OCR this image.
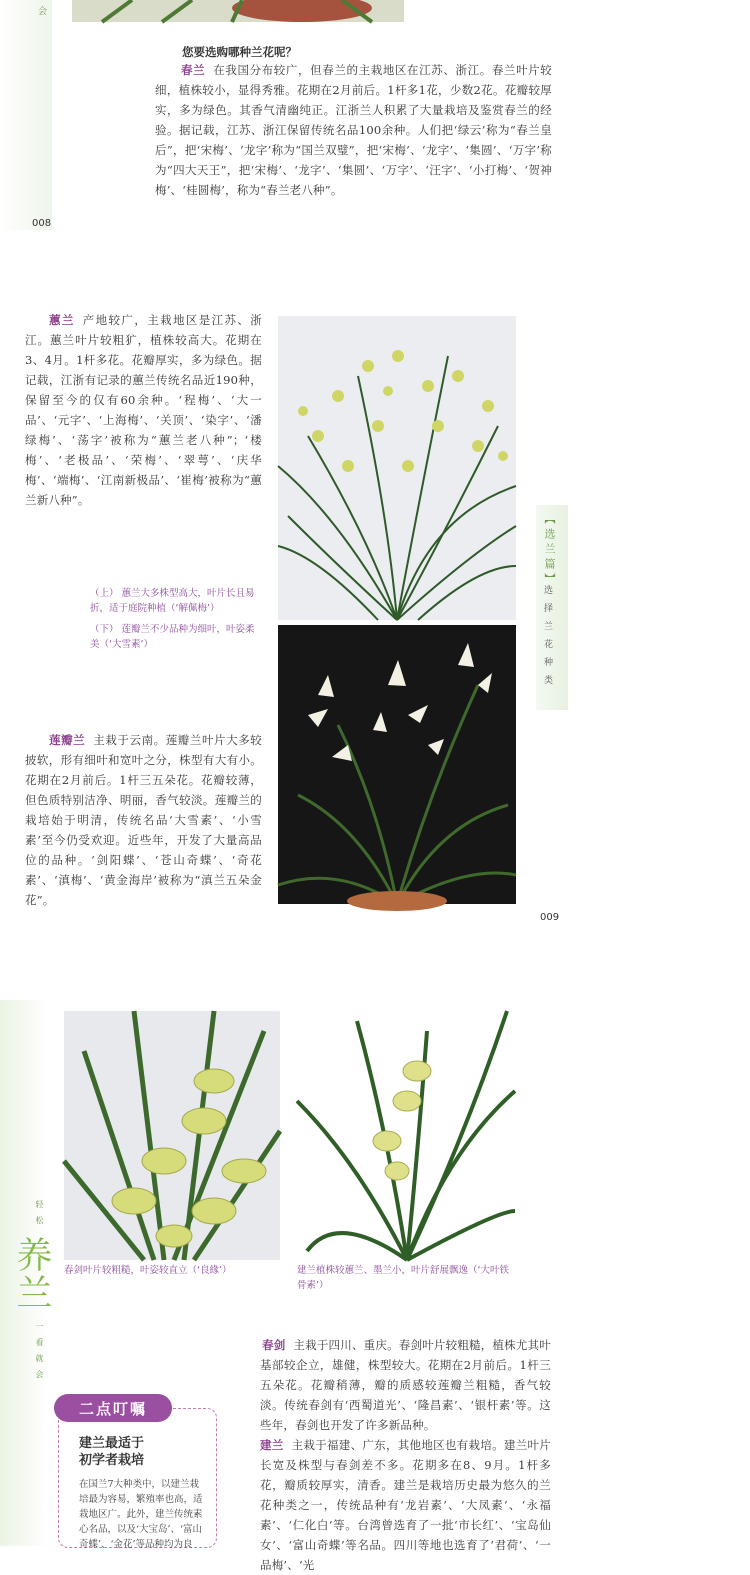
会
您要选购哪种兰花呢？
春兰 在我国分布较广，但春兰的主栽地区在江苏、浙江。春兰叶片较细，植株较小，显得秀雅。花期在2月前后。1杆多1花，少数2花。花瓣较厚实，多为绿色。其香气清幽纯正。江浙兰人积累了大量栽培及鉴赏春兰的经验。据记载，江苏、浙江保留传统名品100余种。人们把‘绿云’称为“春兰皇后”，把‘宋梅’、‘龙字’称为“国兰双璧”，把‘宋梅’、‘龙字’、‘集圆’、‘万字’称为“四大天王”，把‘宋梅’、‘龙字’、‘集圆’、‘万字’、‘汪字’、‘小打梅’、‘贺神梅’、‘桂圆梅’，称为“春兰老八种”。
008
蕙兰 产地较广，主栽地区是江苏、浙江。蕙兰叶片较粗犷，植株较高大。花期在3、4月。1杆多花。花瓣厚实，多为绿色。据记载，江浙有记录的蕙兰传统名品近190种，保留至今的仅有60余种。‘程梅’、‘大一品’、‘元字’、‘上海梅’、‘关顶’、‘染字’、‘潘绿梅’、‘荡字’被称为“蕙兰老八种”；‘楼梅’、‘老极品’、‘荣梅’、‘翠萼’、‘庆华梅’、‘端梅’、‘江南新极品’、‘崔梅’被称为“蕙兰新八种”。
（上） 蕙兰大多株型高大，叶片长且易折，适于庭院种植（‘解佩梅’）
（下） 莲瓣兰不少品种为细叶，叶姿柔美（‘大雪素’）
莲瓣兰 主栽于云南。莲瓣兰叶片大多较披软，形有细叶和宽叶之分，株型有大有小。花期在2月前后。1杆三五朵花。花瓣较薄，但色质特别洁净、明丽，香气较淡。莲瓣兰的栽培始于明清，传统名品‘大雪素’、‘小雪素’至今仍受欢迎。近些年，开发了大量高品位的品种。‘剑阳蝶’、‘苍山奇蝶’、‘奇花素’、‘滇梅’、‘黄金海岸’被称为“滇兰五朵金花”。
【选兰篇】
选择兰花种类
009
轻松
养兰
一看就会
春剑叶片较粗糙，叶姿较直立（‘良緣’）	建兰植株较蕙兰、墨兰小，叶片舒展飘逸（‘大叶铁骨素’）
春剑 主栽于四川、重庆。春剑叶片较粗糙，植株尤其叶基部较企立，雄健，株型较大。花期在2月前后。1杆三五朵花。花瓣稍薄，瓣的质感较莲瓣兰粗糙，香气较淡。传统春剑有‘西蜀道光’、‘隆昌素’、‘银杆素’等。这些年，春剑也开发了许多新品种。
建兰 主栽于福建、广东，其他地区也有栽培。建兰叶片长宽及株型与春剑差不多。花期多在8、9月。1杆多花，瓣质较厚实，清香。建兰是栽培历史最为悠久的兰花种类之一，传统品种有‘龙岩素’、‘大凤素’、‘永福素’、‘仁化白’等。台湾曾选育了一批‘市长红’、‘宝岛仙女’、‘富山奇蝶’等名品。四川等地也选育了‘君荷’、‘一品梅’、‘光
建兰最适于
初学者栽培
在国兰7大种类中，以建兰栽培最为容易，繁殖率也高，适栽地区广。此外，建兰传统素心名品，以及‘大宝岛’、‘富山奇蝶’、‘金花’等品种均为良
二点叮嘱
